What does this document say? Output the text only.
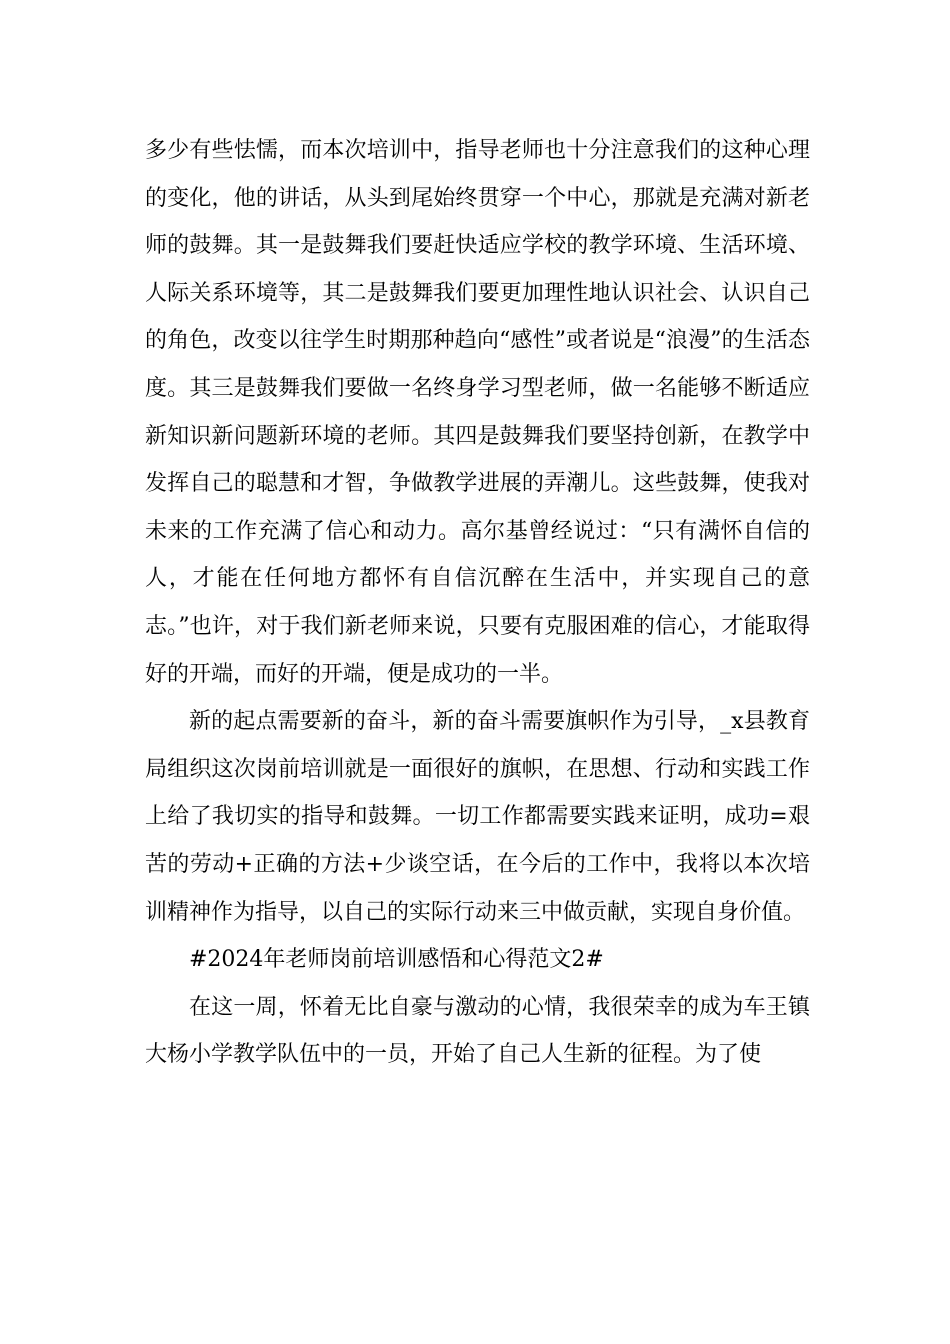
多少有些怯懦，而本次培训中，指导老师也十分注意我们的这种心理的变化，他的讲话，从头到尾始终贯穿一个中心，那就是充满对新老师的鼓舞。其一是鼓舞我们要赶快适应学校的教学环境、生活环境、人际关系环境等，其二是鼓舞我们要更加理性地认识社会、认识自己的角色，改变以往学生时期那种趋向“感性”或者说是“浪漫”的生活态度。其三是鼓舞我们要做一名终身学习型老师，做一名能够不断适应新知识新问题新环境的老师。其四是鼓舞我们要坚持创新，在教学中发挥自己的聪慧和才智，争做教学进展的弄潮儿。这些鼓舞，使我对未来的工作充满了信心和动力。高尔基曾经说过：“只有满怀自信的人，才能在任何地方都怀有自信沉醉在生活中，并实现自己的意志。”也许，对于我们新老师来说，只要有克服困难的信心，才能取得好的开端，而好的开端，便是成功的一半。

新的起点需要新的奋斗，新的奋斗需要旗帜作为引导，_x县教育局组织这次岗前培训就是一面很好的旗帜，在思想、行动和实践工作上给了我切实的指导和鼓舞。一切工作都需要实践来证明，成功=艰苦的劳动+正确的方法+少谈空话，在今后的工作中，我将以本次培训精神作为指导，以自己的实际行动来三中做贡献，实现自身价值。

#2024年老师岗前培训感悟和心得范文2#

在这一周，怀着无比自豪与激动的心情，我很荣幸的成为车王镇大杨小学教学队伍中的一员，开始了自己人生新的征程。为了使
